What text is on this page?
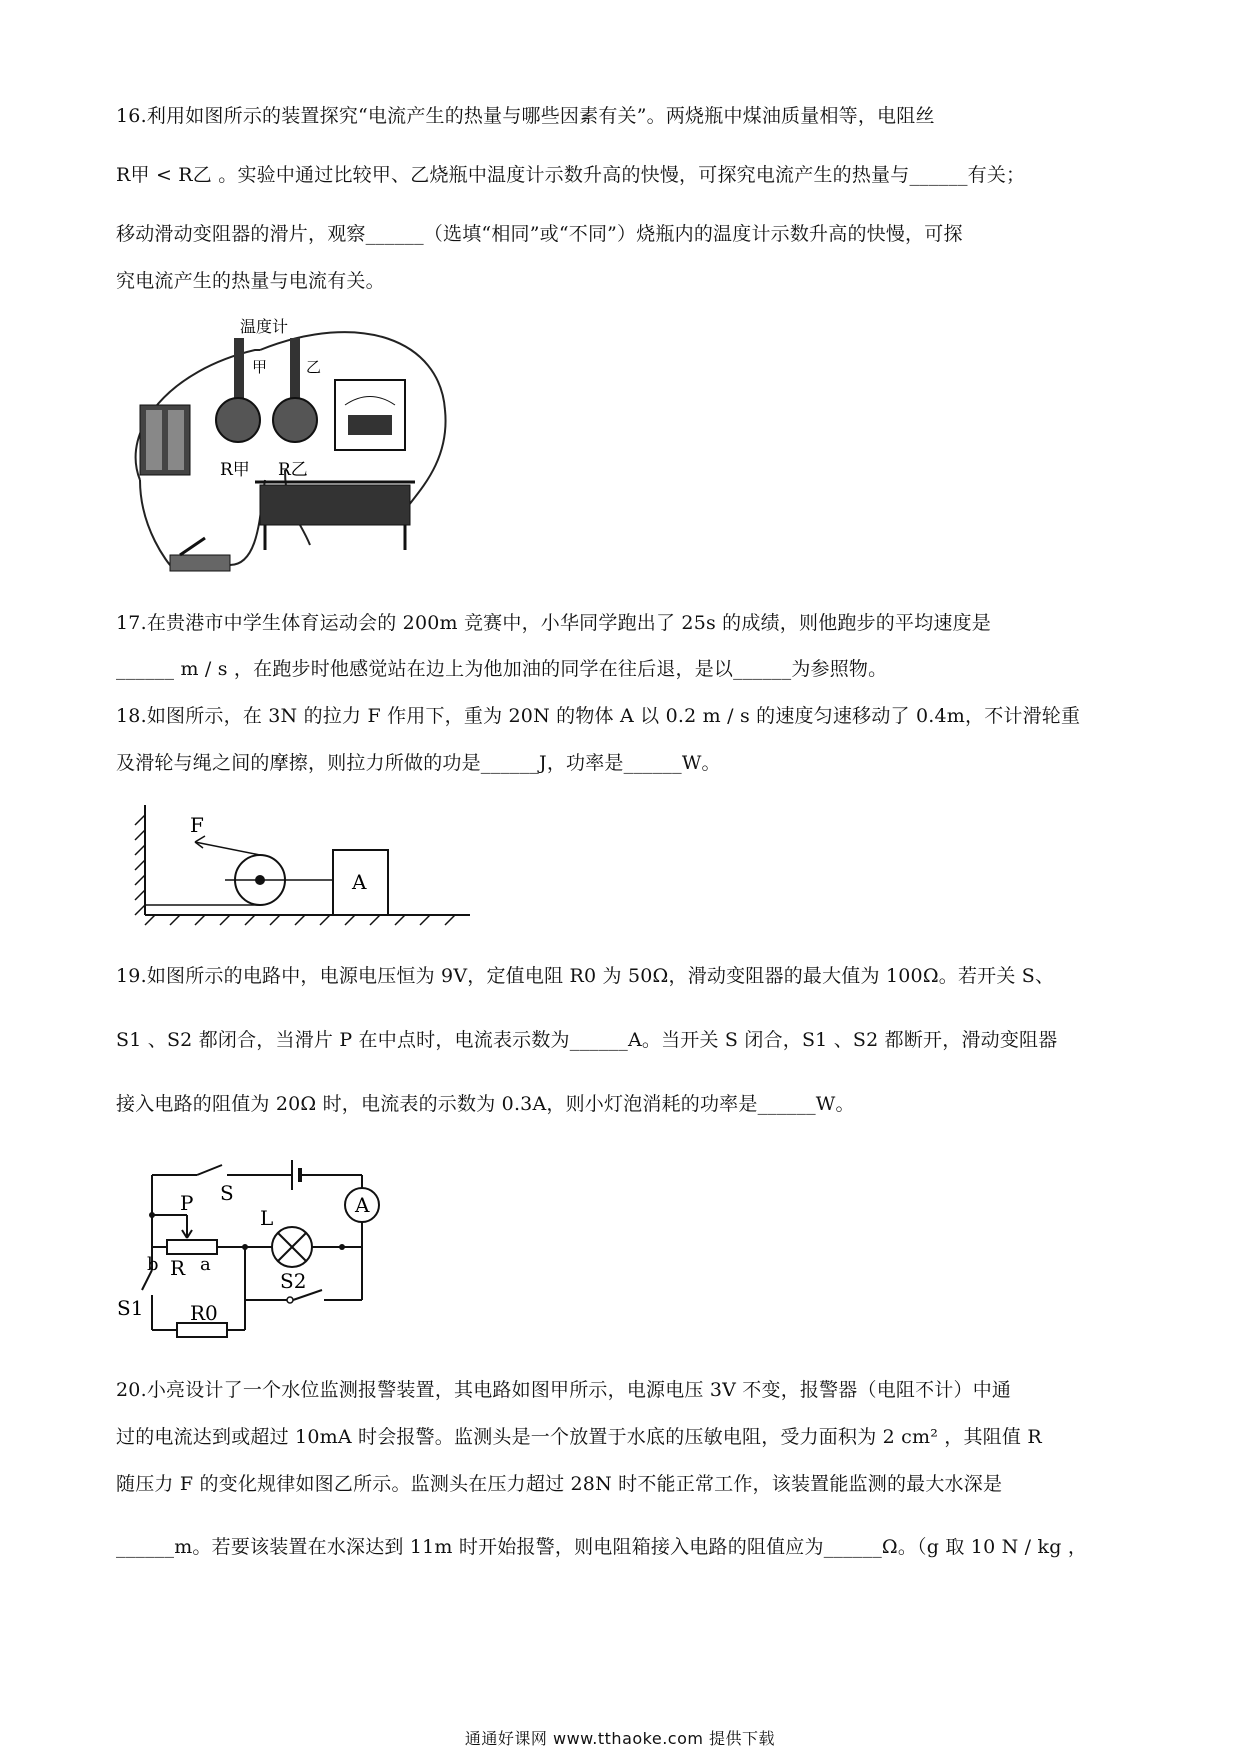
16.利用如图所示的装置探究“电流产生的热量与哪些因素有关”。两烧瓶中煤油质量相等，电阻丝
R甲 < R乙 。实验中通过比较甲、乙烧瓶中温度计示数升高的快慢，可探究电流产生的热量与______有关；
移动滑动变阻器的滑片，观察______（选填“相同”或“不同”）烧瓶内的温度计示数升高的快慢，可探
究电流产生的热量与电流有关。
温度计
甲	乙
R甲 R乙
17.在贵港市中学生体育运动会的 200m 竞赛中，小华同学跑出了 25s 的成绩，则他跑步的平均速度是
______ m / s ，在跑步时他感觉站在边上为他加油的同学在往后退，是以______为参照物。
18.如图所示，在 3N 的拉力 F 作用下，重为 20N 的物体 A 以 0.2 m / s 的速度匀速移动了 0.4m，不计滑轮重
及滑轮与绳之间的摩擦，则拉力所做的功是______J，功率是______W。
F
A
19.如图所示的电路中，电源电压恒为 9V，定值电阻 R0 为 50Ω，滑动变阻器的最大值为 100Ω。若开关 S、
S1 、S2 都闭合，当滑片 P 在中点时，电流表示数为______A。当开关 S 闭合，S1 、S2 都断开，滑动变阻器
接入电路的阻值为 20Ω 时，电流表的示数为 0.3A，则小灯泡消耗的功率是______W。
S
S1
P
b R a
L
A
R0
S2
20.小亮设计了一个水位监测报警装置，其电路如图甲所示，电源电压 3V 不变，报警器（电阻不计）中通
过的电流达到或超过 10mA 时会报警。监测头是一个放置于水底的压敏电阻，受力面积为 2 cm² ，其阻值 R
随压力 F 的变化规律如图乙所示。监测头在压力超过 28N 时不能正常工作，该装置能监测的最大水深是
______m。若要该装置在水深达到 11m 时开始报警，则电阻箱接入电路的阻值应为______Ω。（g 取 10 N / kg ，
通通好课网 www.tthaoke.com 提供下载
